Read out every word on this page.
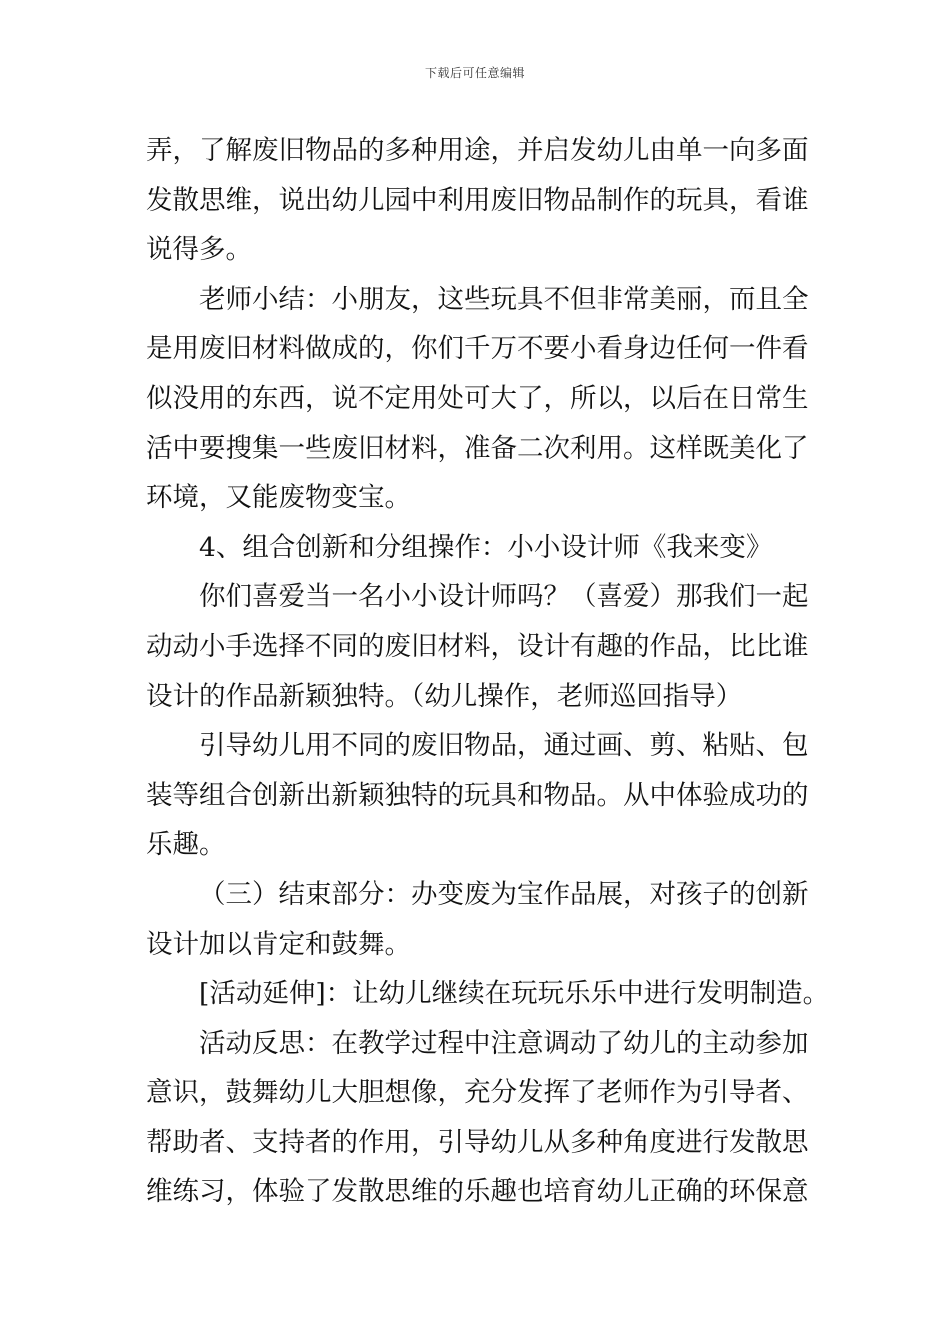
下载后可任意编辑
弄，了解废旧物品的多种用途，并启发幼儿由单一向多面
发散思维，说出幼儿园中利用废旧物品制作的玩具，看谁
说得多。
老师小结：小朋友，这些玩具不但非常美丽，而且全
是用废旧材料做成的，你们千万不要小看身边任何一件看
似没用的东西，说不定用处可大了，所以，以后在日常生
活中要搜集一些废旧材料，准备二次利用。这样既美化了
环境，又能废物变宝。
4、组合创新和分组操作：小小设计师《我来变》
你们喜爱当一名小小设计师吗？（喜爱）那我们一起
动动小手选择不同的废旧材料，设计有趣的作品，比比谁
设计的作品新颖独特。（幼儿操作，老师巡回指导）
引导幼儿用不同的废旧物品，通过画、剪、粘贴、包
装等组合创新出新颖独特的玩具和物品。从中体验成功的
乐趣。
（三）结束部分：办变废为宝作品展，对孩子的创新
设计加以肯定和鼓舞。
[活动延伸]：让幼儿继续在玩玩乐乐中进行发明制造。
活动反思：在教学过程中注意调动了幼儿的主动参加
意识，鼓舞幼儿大胆想像，充分发挥了老师作为引导者、
帮助者、支持者的作用，引导幼儿从多种角度进行发散思
维练习，体验了发散思维的乐趣也培育幼儿正确的环保意
